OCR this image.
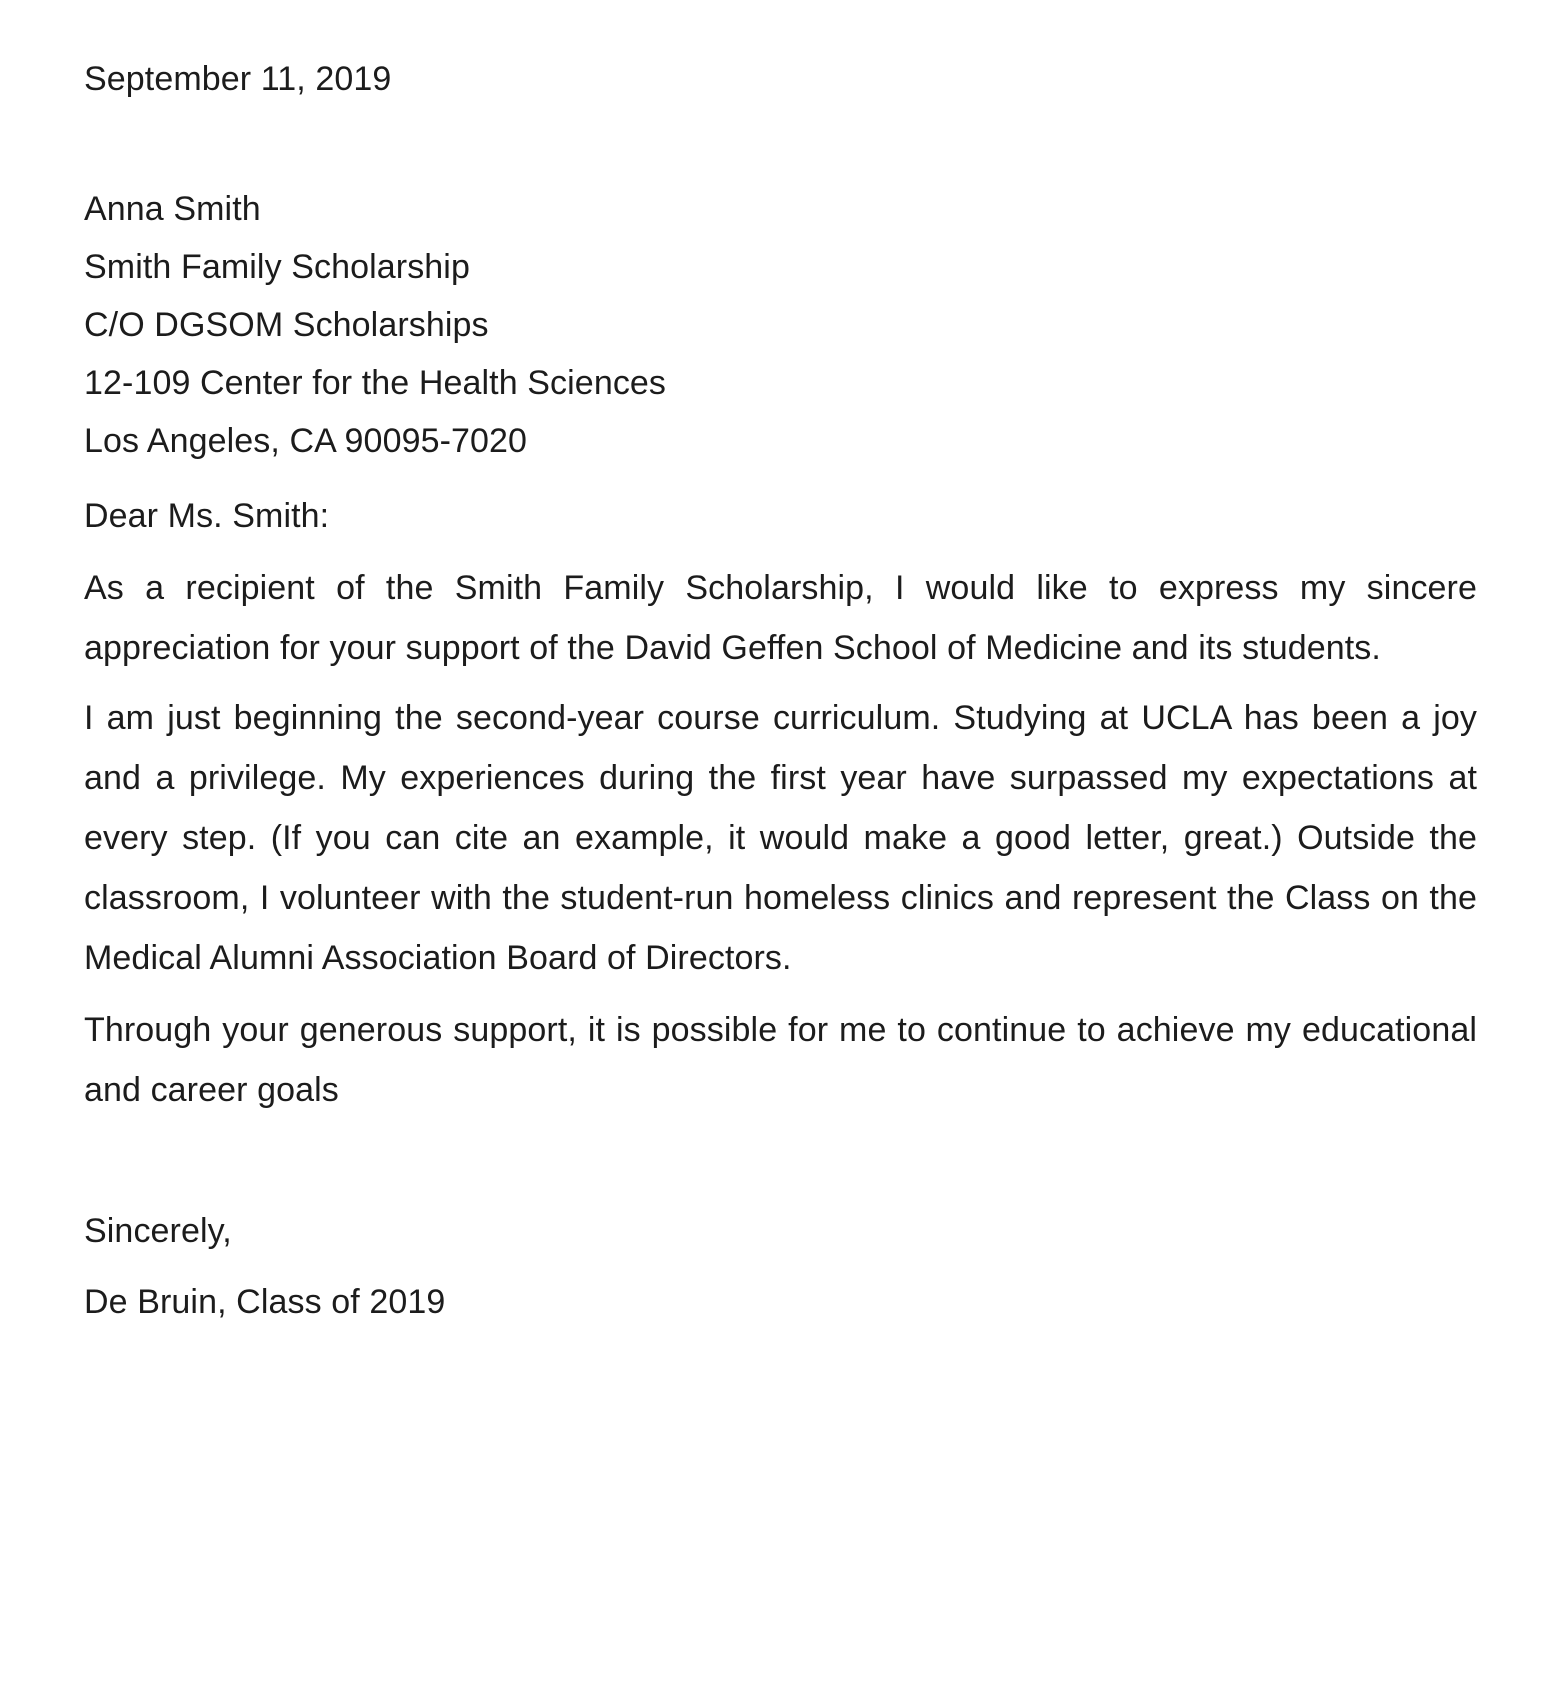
September 11, 2019
Anna Smith
Smith Family Scholarship
C/O DGSOM Scholarships
12-109 Center for the Health Sciences
Los Angeles, CA 90095-7020
Dear Ms. Smith:
As a recipient of the Smith Family Scholarship, I would like to express my sincere appreciation for your support of the David Geffen School of Medicine and its students.
I am just beginning the second-year course curriculum. Studying at UCLA has been a joy and a privilege. My experiences during the first year have surpassed my expectations at every step. (If you can cite an example, it would make a good letter, great.) Outside the classroom, I volunteer with the student-run homeless clinics and represent the Class on the Medical Alumni Association Board of Directors.
Through your generous support, it is possible for me to continue to achieve my educational and career goals
Sincerely,
De Bruin, Class of 2019
